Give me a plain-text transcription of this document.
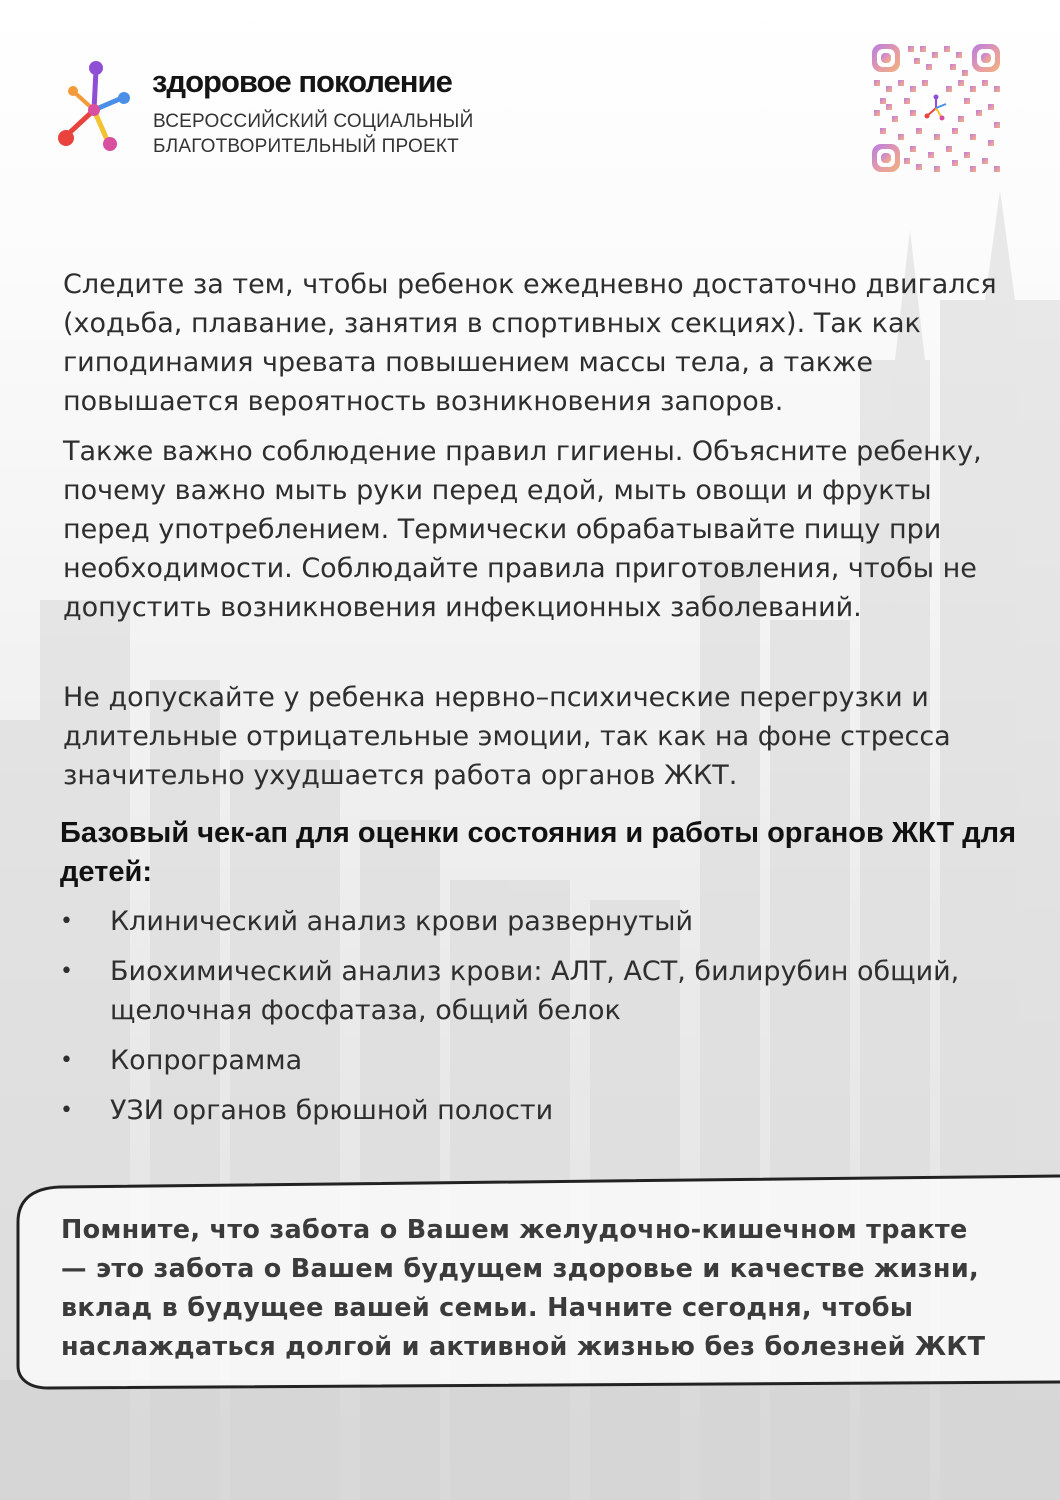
здоровое поколение
ВСЕРОССИЙСКИЙ СОЦИАЛЬНЫЙ
БЛАГОТВОРИТЕЛЬНЫЙ ПРОЕКТ

Следите за тем, чтобы ребенок ежедневно достаточно двигался (ходьба, плавание, занятия в спортивных секциях). Так как гиподинамия чревата повышением массы тела, а также повышается вероятность возникновения запоров.

Также важно соблюдение правил гигиены. Объясните ребенку, почему важно мыть руки перед едой, мыть овощи и фрукты перед употреблением. Термически обрабатывайте пищу при необходимости. Соблюдайте правила приготовления, чтобы не допустить возникновения инфекционных заболеваний.

Не допускайте у ребенка нервно–психические перегрузки и длительные отрицательные эмоции, так как на фоне стресса значительно ухудшается работа органов ЖКТ.

Базовый чек-ап для оценки состояния и работы органов ЖКТ для детей:
• Клинический анализ крови развернутый
• Биохимический анализ крови: АЛТ, АСТ, билирубин общий, щелочная фосфатаза, общий белок
• Копрограмма
• УЗИ органов брюшной полости

Помните, что забота о Вашем желудочно-кишечном тракте — это забота о Вашем будущем здоровье и качестве жизни, вклад в будущее вашей семьи. Начните сегодня, чтобы наслаждаться долгой и активной жизнью без болезней ЖКТ
